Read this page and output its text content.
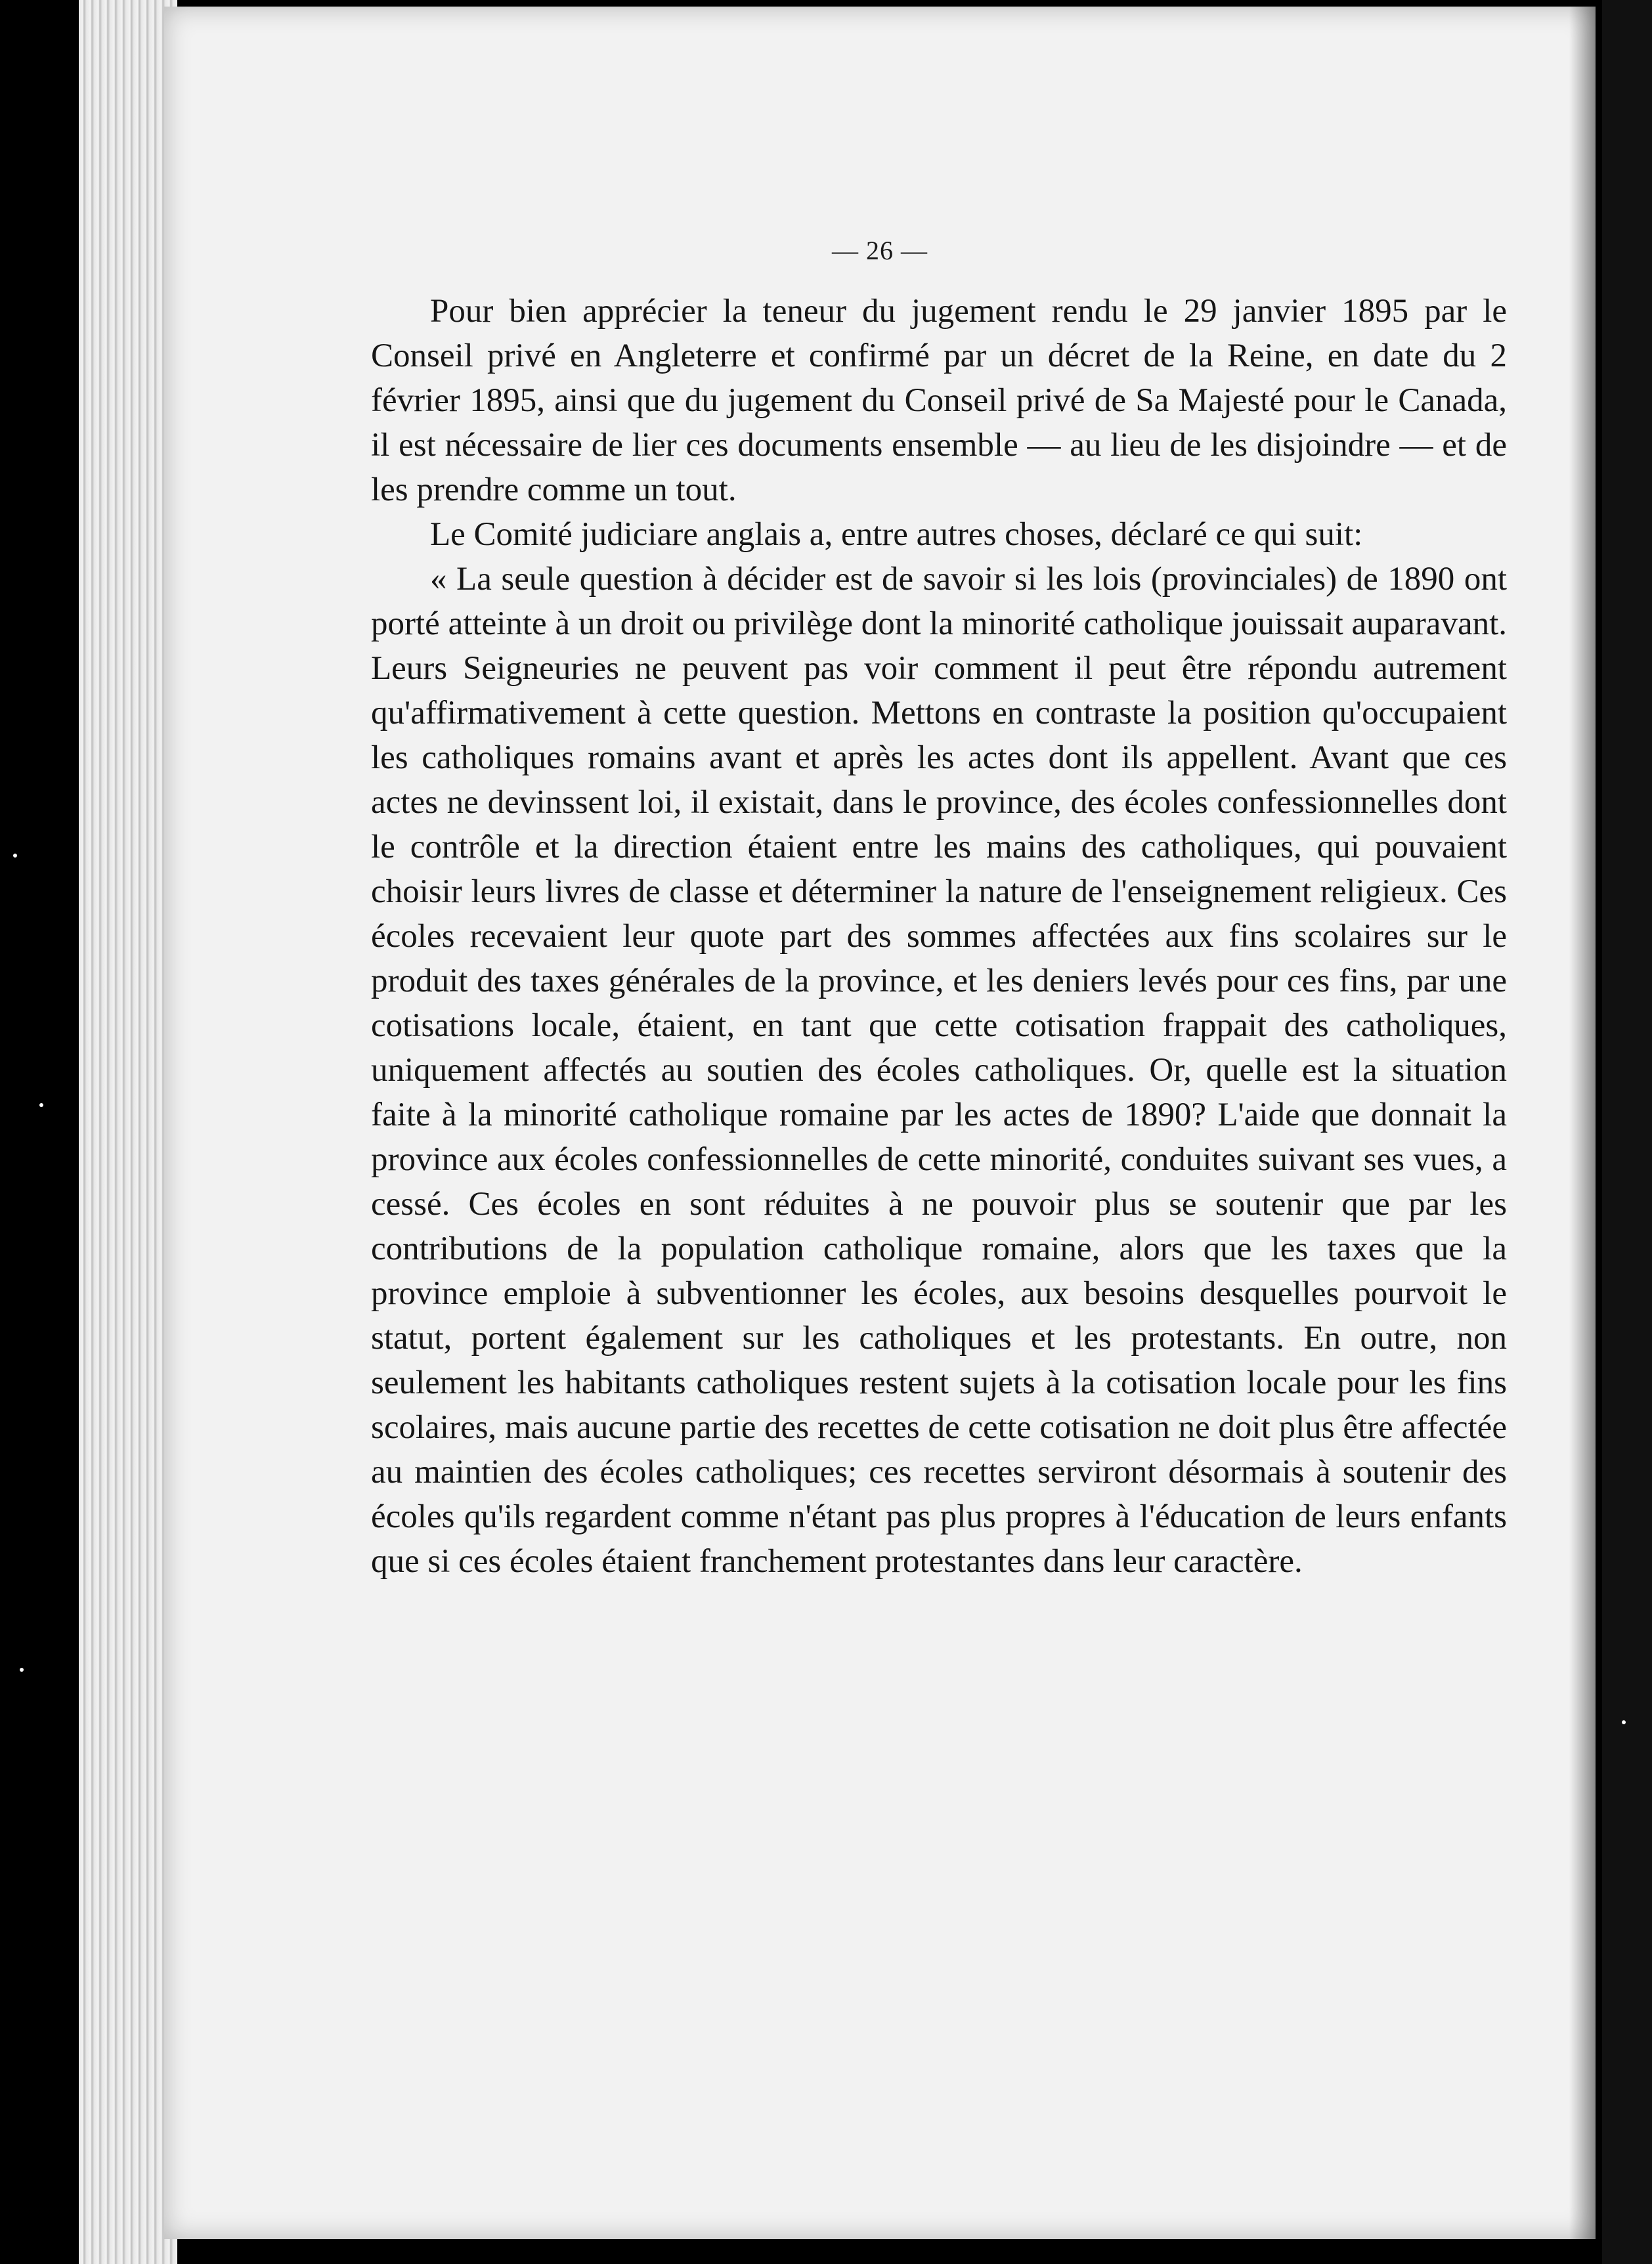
— 26 —

Pour bien apprécier la teneur du jugement rendu le 29 janvier 1895 par le Conseil privé en Angleterre et confirmé par un décret de la Reine, en date du 2 février 1895, ainsi que du jugement du Conseil privé de Sa Majesté pour le Canada, il est nécessaire de lier ces documents ensemble — au lieu de les disjoindre — et de les prendre comme un tout.

Le Comité judiciare anglais a, entre autres choses, déclaré ce qui suit:

« La seule question à décider est de savoir si les lois (provinciales) de 1890 ont porté atteinte à un droit ou privilège dont la minorité catholique jouissait auparavant. Leurs Seigneuries ne peuvent pas voir comment il peut être répondu autrement qu'affirmativement à cette question. Mettons en contraste la position qu'occupaient les catholiques romains avant et après les actes dont ils appellent. Avant que ces actes ne devinssent loi, il existait, dans le province, des écoles confessionnelles dont le contrôle et la direction étaient entre les mains des catholiques, qui pouvaient choisir leurs livres de classe et déterminer la nature de l'enseignement religieux. Ces écoles recevaient leur quote part des sommes affectées aux fins scolaires sur le produit des taxes générales de la province, et les deniers levés pour ces fins, par une cotisations locale, étaient, en tant que cette cotisation frappait des catholiques, uniquement affectés au soutien des écoles catholiques. Or, quelle est la situation faite à la minorité catholique romaine par les actes de 1890? L'aide que donnait la province aux écoles confessionnelles de cette minorité, conduites suivant ses vues, a cessé. Ces écoles en sont réduites à ne pouvoir plus se soutenir que par les contributions de la population catholique romaine, alors que les taxes que la province emploie à subventionner les écoles, aux besoins desquelles pourvoit le statut, portent également sur les catholiques et les protestants. En outre, non seulement les habitants catholiques restent sujets à la cotisation locale pour les fins scolaires, mais aucune partie des recettes de cette cotisation ne doit plus être affectée au maintien des écoles catholiques; ces recettes serviront désormais à soutenir des écoles qu'ils regardent comme n'étant pas plus propres à l'éducation de leurs enfants que si ces écoles étaient franchement protestantes dans leur caractère.
